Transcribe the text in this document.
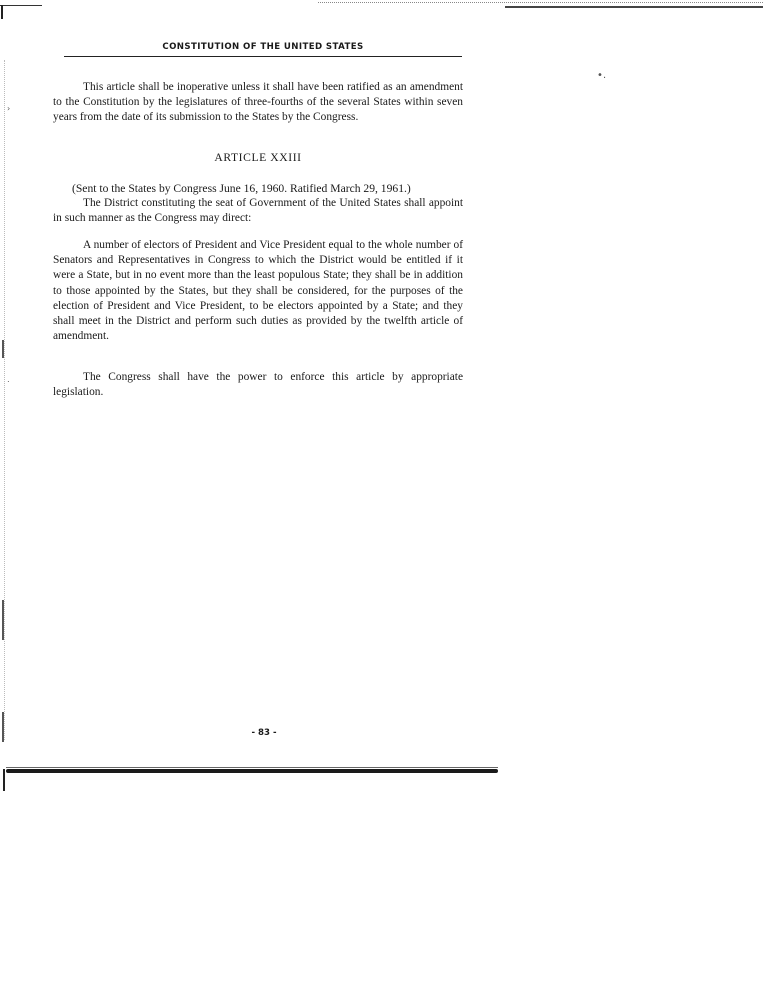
•․
›
․
CONSTITUTION OF THE UNITED STATES

This article shall be inoperative unless it shall have been ratified as an amendment to the Constitution by the legislatures of three-fourths of the several States within seven years from the date of its submission to the States by the Congress.

ARTICLE XXIII
(Sent to the States by Congress June 16, 1960. Ratified March 29, 1961.)

The District constituting the seat of Government of the United States shall appoint in such manner as the Congress may direct:

A number of electors of President and Vice President equal to the whole number of Senators and Representatives in Congress to which the District would be entitled if it were a State, but in no event more than the least populous State; they shall be in addition to those appointed by the States, but they shall be considered, for the purposes of the election of President and Vice President, to be electors appointed by a State; and they shall meet in the District and perform such duties as provided by the twelfth article of amendment.

The Congress shall have the power to enforce this article by appropriate legislation.

- 83 -
